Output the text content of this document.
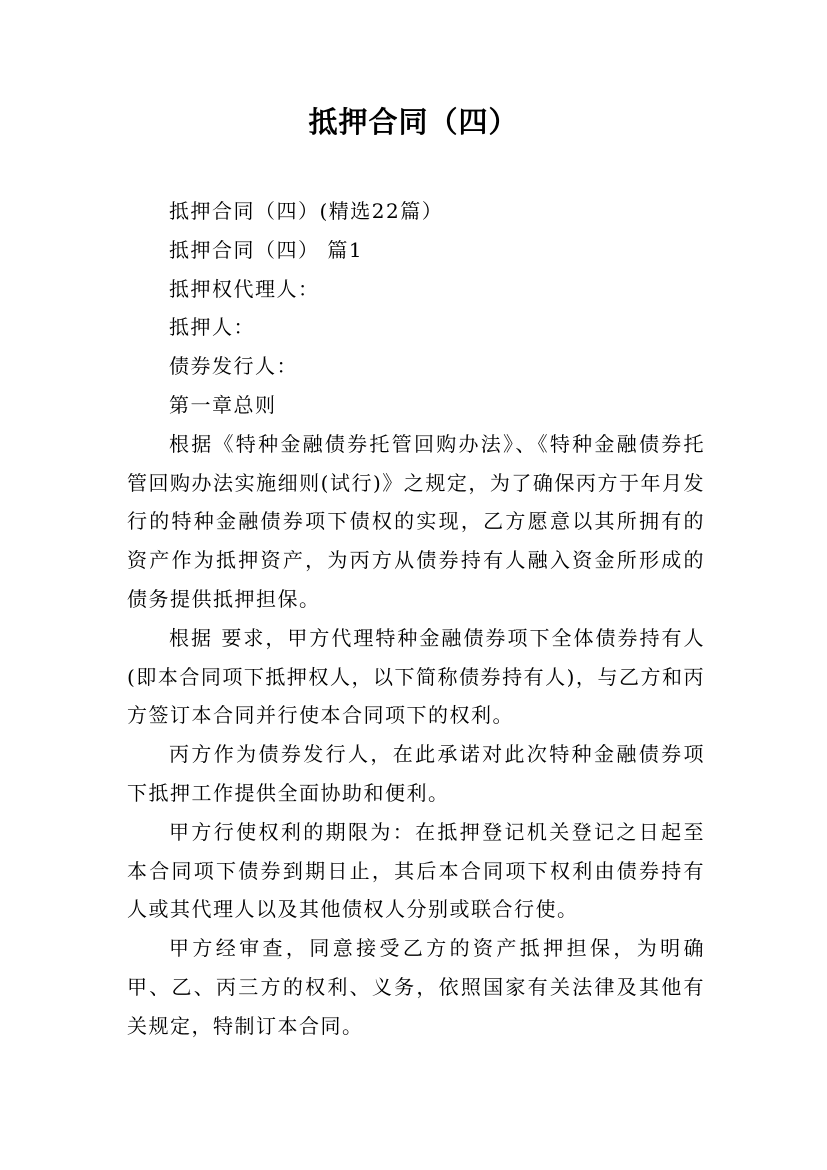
抵押合同（四）

抵押合同（四）(精选22篇）

抵押合同（四） 篇1

抵押权代理人：

抵押人：

债券发行人：

第一章总则

根据《特种金融债券托管回购办法》、《特种金融债券托管回购办法实施细则(试行)》之规定，为了确保丙方于年月发行的特种金融债券项下债权的实现，乙方愿意以其所拥有的资产作为抵押资产，为丙方从债券持有人融入资金所形成的债务提供抵押担保。

根据 要求，甲方代理特种金融债券项下全体债券持有人(即本合同项下抵押权人，以下简称债券持有人)，与乙方和丙方签订本合同并行使本合同项下的权利。

丙方作为债券发行人，在此承诺对此次特种金融债券项下抵押工作提供全面协助和便利。

甲方行使权利的期限为：在抵押登记机关登记之日起至本合同项下债券到期日止，其后本合同项下权利由债券持有人或其代理人以及其他债权人分别或联合行使。

甲方经审查，同意接受乙方的资产抵押担保，为明确甲、乙、丙三方的权利、义务，依照国家有关法律及其他有关规定，特制订本合同。
